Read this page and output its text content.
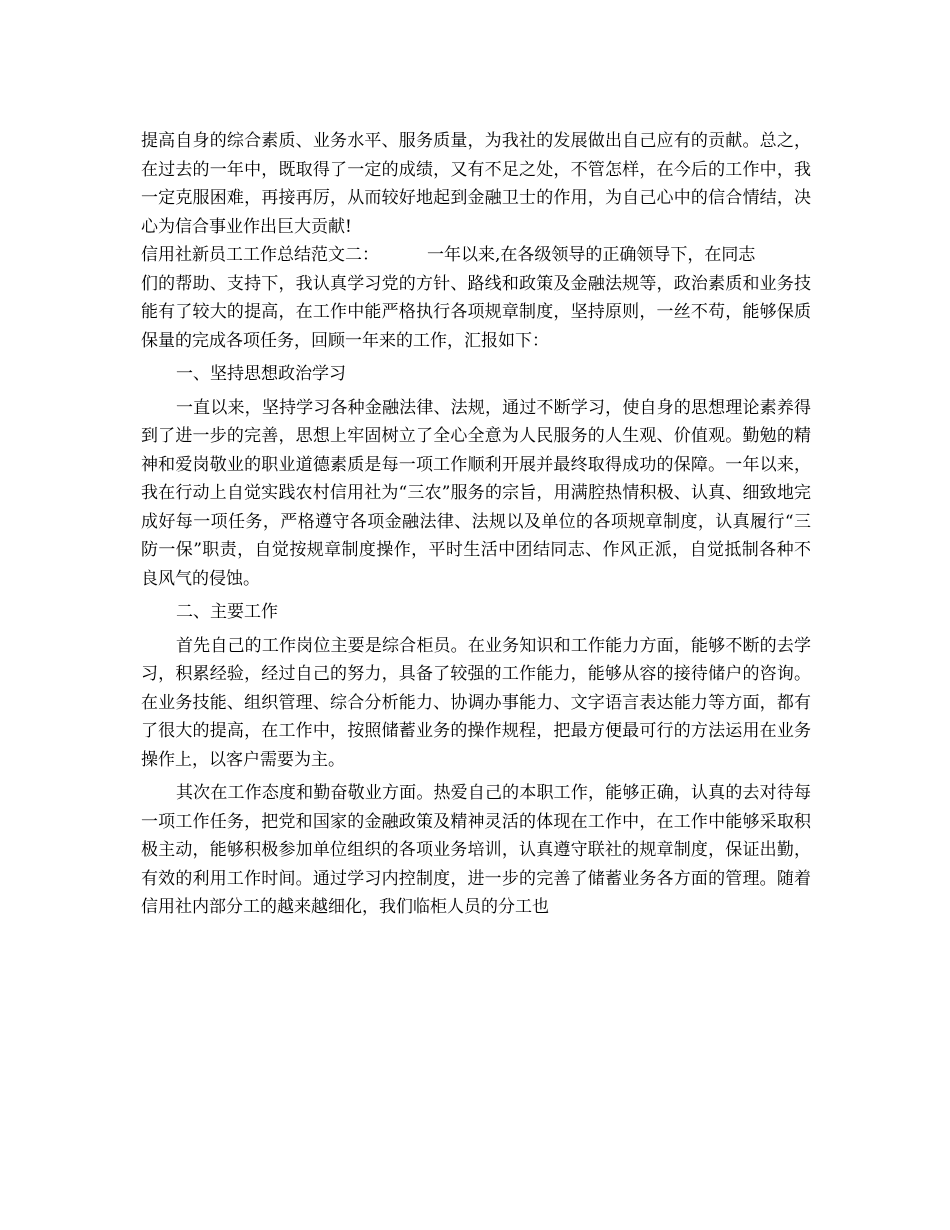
提高自身的综合素质、业务水平、服务质量，为我社的发展做出自己应有的贡献。总之，在过去的一年中，既取得了一定的成绩，又有不足之处，不管怎样，在今后的工作中，我一定克服困难，再接再厉，从而较好地起到金融卫士的作用，为自己心中的信合情结，决心为信合事业作出巨大贡献!

信用社新员工工作总结范文二：	一年以来,在各级领导的正确领导下，在同志

们的帮助、支持下，我认真学习党的方针、路线和政策及金融法规等，政治素质和业务技能有了较大的提高，在工作中能严格执行各项规章制度，坚持原则，一丝不苟，能够保质保量的完成各项任务，回顾一年来的工作，汇报如下：

一、坚持思想政治学习

一直以来，坚持学习各种金融法律、法规，通过不断学习，使自身的思想理论素养得到了进一步的完善，思想上牢固树立了全心全意为人民服务的人生观、价值观。勤勉的精神和爱岗敬业的职业道德素质是每一项工作顺利开展并最终取得成功的保障。一年以来，我在行动上自觉实践农村信用社为“三农”服务的宗旨，用满腔热情积极、认真、细致地完成好每一项任务，严格遵守各项金融法律、法规以及单位的各项规章制度，认真履行“三防一保”职责，自觉按规章制度操作，平时生活中团结同志、作风正派，自觉抵制各种不良风气的侵蚀。

二、主要工作

首先自己的工作岗位主要是综合柜员。在业务知识和工作能力方面，能够不断的去学习，积累经验，经过自己的努力，具备了较强的工作能力，能够从容的接待储户的咨询。在业务技能、组织管理、综合分析能力、协调办事能力、文字语言表达能力等方面，都有了很大的提高，在工作中，按照储蓄业务的操作规程，把最方便最可行的方法运用在业务操作上，以客户需要为主。

其次在工作态度和勤奋敬业方面。热爱自己的本职工作，能够正确，认真的去对待每一项工作任务，把党和国家的金融政策及精神灵活的体现在工作中，在工作中能够采取积极主动，能够积极参加单位组织的各项业务培训，认真遵守联社的规章制度，保证出勤，有效的利用工作时间。通过学习内控制度，进一步的完善了储蓄业务各方面的管理。随着信用社内部分工的越来越细化，我们临柜人员的分工也
